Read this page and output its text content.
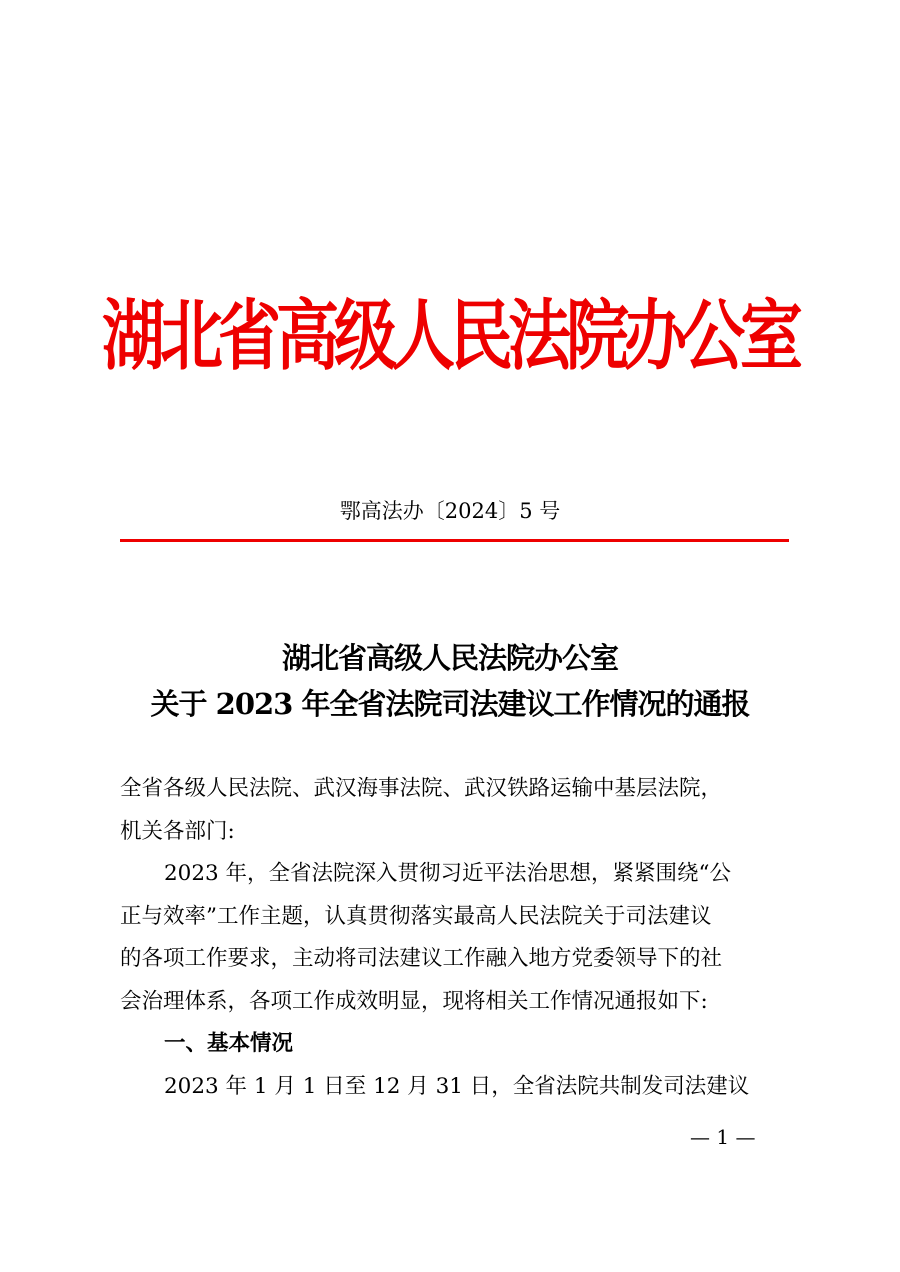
湖北省高级人民法院办公室
鄂高法办〔2024〕5 号
湖北省高级人民法院办公室
关于 2023 年全省法院司法建议工作情况的通报

全省各级人民法院、武汉海事法院、武汉铁路运输中基层法院，

机关各部门:

2023 年，全省法院深入贯彻习近平法治思想，紧紧围绕“公

正与效率”工作主题，认真贯彻落实最高人民法院关于司法建议

的各项工作要求，主动将司法建议工作融入地方党委领导下的社

会治理体系，各项工作成效明显，现将相关工作情况通报如下:

一、基本情况

2023 年 1 月 1 日至 12 月 31 日，全省法院共制发司法建议

— 1 —
